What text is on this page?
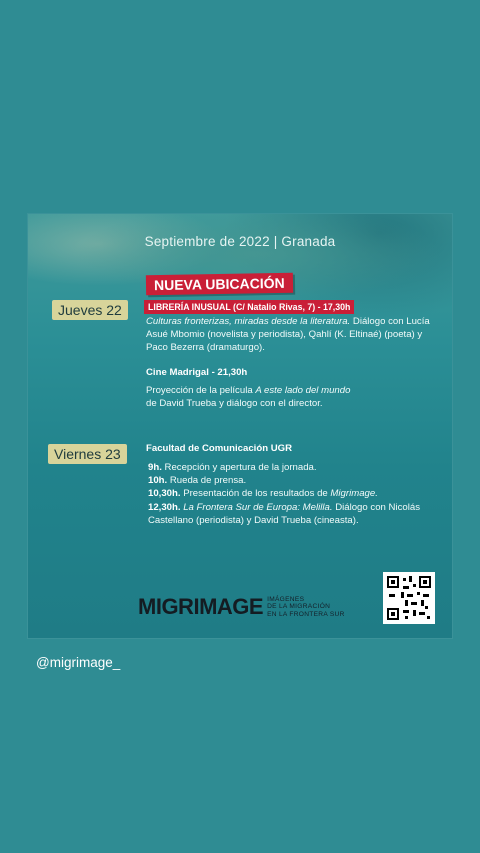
Septiembre de 2022 | Granada
NUEVA UBICACIÓN
Jueves 22	LIBRERÍA INUSUAL (C/ Natalio Rivas, 7) - 17,30h
Culturas fronterizas, miradas desde la literatura. Diálogo con Lucía Asué Mbomio (novelista y periodista), Qahlí (K. Eltinaé) (poeta) y Paco Bezerra (dramaturgo).
Cine Madrigal - 21,30h
Proyección de la película A este lado del mundo
de David Trueba y diálogo con el director.
Viernes 23	Facultad de Comunicación UGR
9h. Recepción y apertura de la jornada.
10h. Rueda de prensa.
10,30h. Presentación de los resultados de Migrimage.
12,30h. La Frontera Sur de Europa: Melilla. Diálogo con Nicolás Castellano (periodista) y David Trueba (cineasta).
MIGRI MAGE IMÁGENES
DE LA MIGRACIÓN
EN LA FRONTERA SUR
@migrimage_
